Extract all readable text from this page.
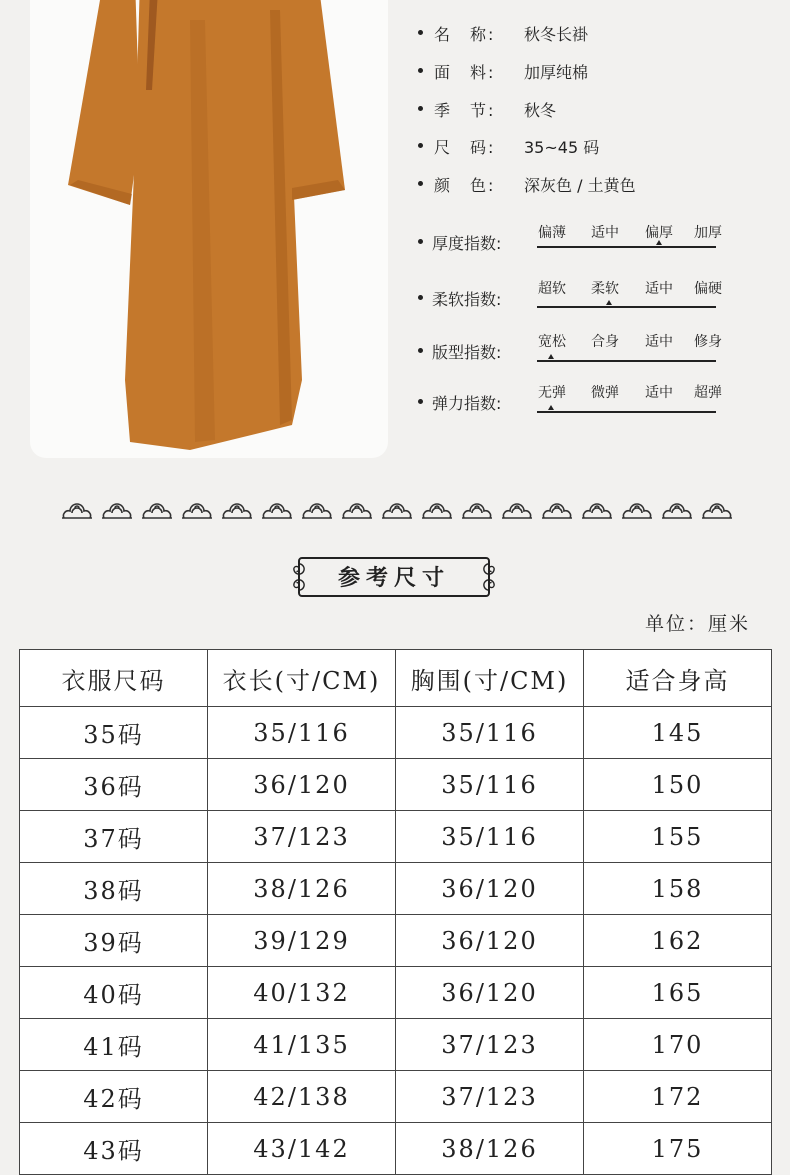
名　称: 秋冬长褂
面　料: 加厚纯棉
季　节: 秋冬
尺　码: 35~45 码
颜　色: 深灰色 / 土黄色
厚度指数:
偏薄 适中 偏厚 加厚
柔软指数:
超软 柔软 适中 偏硬
版型指数:
宽松 合身 适中 修身
弹力指数:
无弹 微弹 适中 超弹
参考尺寸
单位：厘米
衣服尺码	衣长(寸/CM)	胸围(寸/CM)	适合身高
35码	35/116	35/116	145
36码	36/120	35/116	150
37码	37/123	35/116	155
38码	38/126	36/120	158
39码	39/129	36/120	162
40码	40/132	36/120	165
41码	41/135	37/123	170
42码	42/138	37/123	172
43码	43/142	38/126	175
